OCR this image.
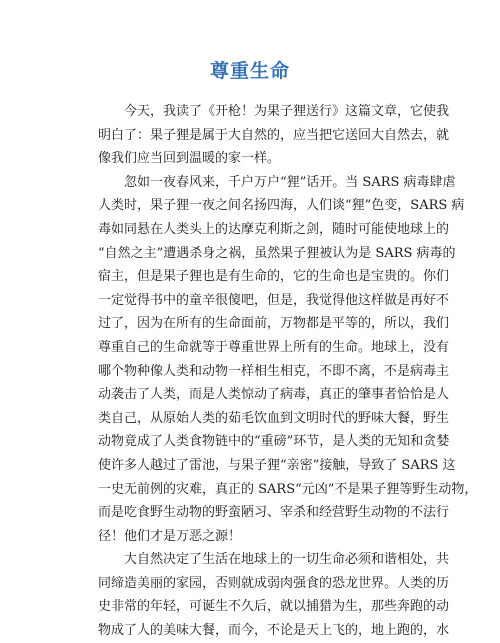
尊重生命
今天，我读了《开枪！为果子狸送行》这篇文章，它使我
明白了：果子狸是属于大自然的，应当把它送回大自然去，就
像我们应当回到温暖的家一样。
忽如一夜春风来，千户万户“狸”话开。当 SARS 病毒肆虐
人类时，果子狸一夜之间名扬四海，人们谈“狸”色变，SARS 病
毒如同悬在人类头上的达摩克利斯之剑，随时可能使地球上的
“自然之主”遭遇杀身之祸，虽然果子狸被认为是 SARS 病毒的
宿主，但是果子狸也是有生命的，它的生命也是宝贵的。你们
一定觉得书中的童辛很傻吧，但是，我觉得他这样做是再好不
过了，因为在所有的生命面前，万物都是平等的，所以，我们
尊重自己的生命就等于尊重世界上所有的生命。地球上，没有
哪个物种像人类和动物一样相生相克，不即不离，不是病毒主
动袭击了人类，而是人类惊动了病毒，真正的肇事者恰恰是人
类自己，从原始人类的茹毛饮血到文明时代的野味大餐，野生
动物竟成了人类食物链中的“重磅”环节，是人类的无知和贪婪
使许多人越过了雷池，与果子狸“亲密”接触，导致了 SARS 这
一史无前例的灾难，真正的 SARS“元凶”不是果子狸等野生动物，
而是吃食野生动物的野蛮陋习、宰杀和经营野生动物的不法行
径！他们才是万恶之源！
大自然决定了生活在地球上的一切生命必须和谐相处，共
同缔造美丽的家园，否则就成弱肉强食的恐龙世界。人类的历
史非常的年轻，可诞生不久后，就以捕猎为生，那些奔跑的动
物成了人的美味大餐，而今，不论是天上飞的，地上跑的，水
